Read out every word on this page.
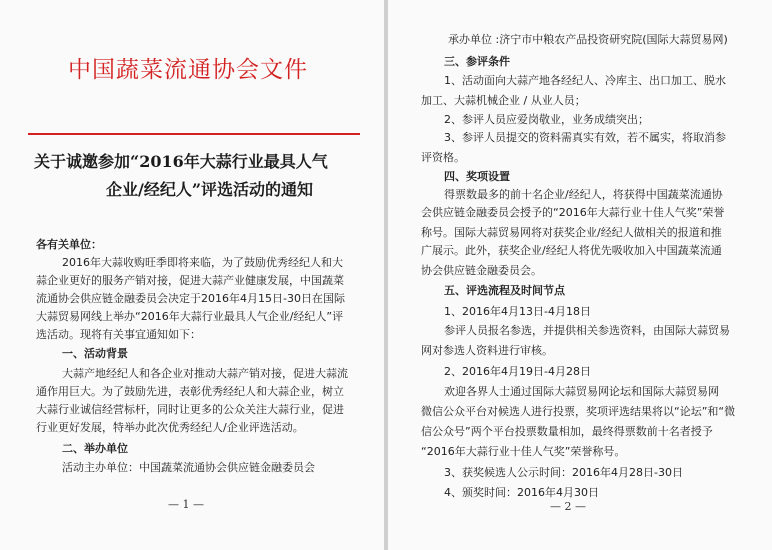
中国蔬菜流通协会文件
关于诚邀参加“2016年大蒜行业最具人气
企业/经纪人”评选活动的通知
各有关单位：
2016年大蒜收购旺季即将来临，为了鼓励优秀经纪人和大
蒜企业更好的服务产销对接，促进大蒜产业健康发展，中国蔬菜
流通协会供应链金融委员会决定于2016年4月15日-30日在国际
大蒜贸易网线上举办“2016年大蒜行业最具人气企业/经纪人”评
选活动。现将有关事宜通知如下：
一、活动背景
大蒜产地经纪人和各企业对推动大蒜产销对接，促进大蒜流
通作用巨大。为了鼓励先进，表彰优秀经纪人和大蒜企业，树立
大蒜行业诚信经营标杆，同时让更多的公众关注大蒜行业，促进
行业更好发展，特举办此次优秀经纪人/企业评选活动。
二、举办单位
活动主办单位：中国蔬菜流通协会供应链金融委员会
— 1 —
承办单位 :济宁市中粮农产品投资研究院(国际大蒜贸易网)
三、参评条件
1、活动面向大蒜产地各经纪人、冷库主、出口加工、脱水
加工、大蒜机械企业 / 从业人员；
2、参评人员应爱岗敬业，业务成绩突出；
3、参评人员提交的资料需真实有效，若不属实，将取消参
评资格。
四、奖项设置
得票数最多的前十名企业/经纪人，将获得中国蔬菜流通协
会供应链金融委员会授予的“2016年大蒜行业十佳人气奖”荣誉
称号。国际大蒜贸易网将对获奖企业/经纪人做相关的报道和推
广展示。此外，获奖企业/经纪人将优先吸收加入中国蔬菜流通
协会供应链金融委员会。
五、评选流程及时间节点
1、2016年4月13日-4月18日
参评人员报名参选，并提供相关参选资料，由国际大蒜贸易
网对参选人资料进行审核。
2、2016年4月19日-4月28日
欢迎各界人士通过国际大蒜贸易网论坛和国际大蒜贸易网
微信公众平台对候选人进行投票，奖项评选结果将以“论坛”和“微
信公众号”两个平台投票数量相加，最终得票数前十名者授予
“2016年大蒜行业十佳人气奖”荣誉称号。
3、获奖候选人公示时间：2016年4月28日-30日
4、颁奖时间：2016年4月30日
— 2 —
